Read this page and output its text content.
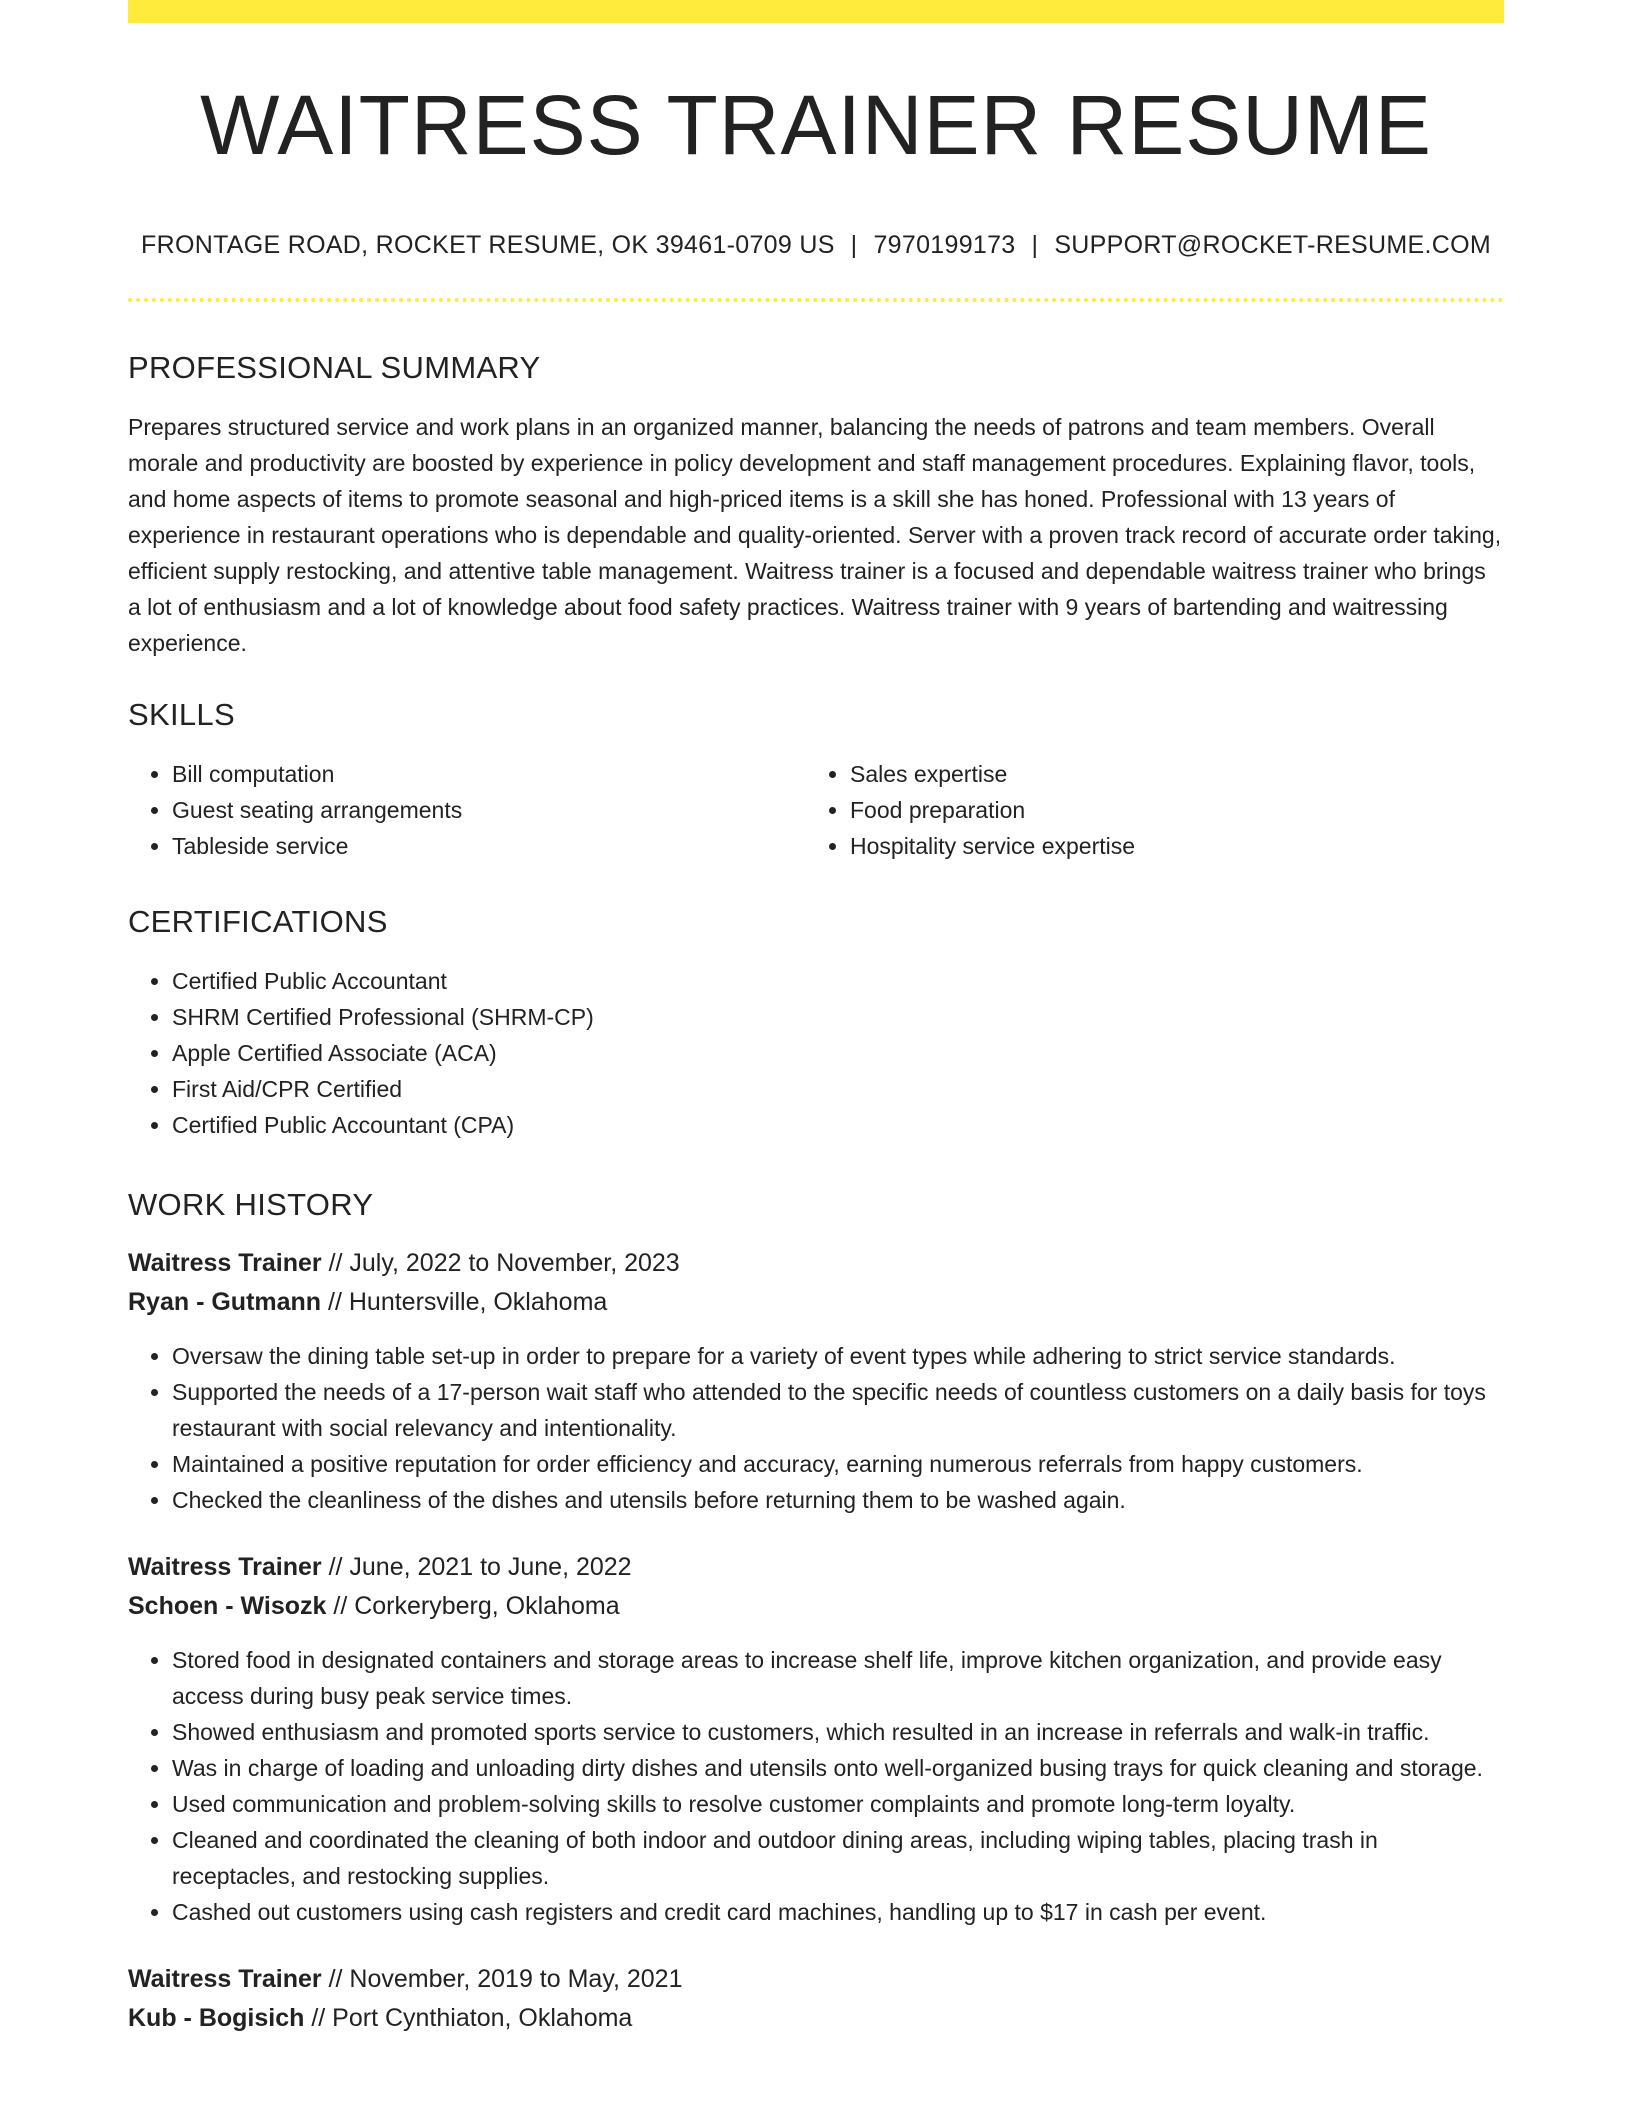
WAITRESS TRAINER RESUME
FRONTAGE ROAD, ROCKET RESUME, OK 39461-0709 US | 7970199173 | SUPPORT@ROCKET-RESUME.COM
PROFESSIONAL SUMMARY
Prepares structured service and work plans in an organized manner, balancing the needs of patrons and team members. Overall morale and productivity are boosted by experience in policy development and staff management procedures. Explaining flavor, tools, and home aspects of items to promote seasonal and high-priced items is a skill she has honed. Professional with 13 years of experience in restaurant operations who is dependable and quality-oriented. Server with a proven track record of accurate order taking, efficient supply restocking, and attentive table management. Waitress trainer is a focused and dependable waitress trainer who brings a lot of enthusiasm and a lot of knowledge about food safety practices. Waitress trainer with 9 years of bartending and waitressing experience.
SKILLS
• Bill computation
• Guest seating arrangements
• Tableside service
• Sales expertise
• Food preparation
• Hospitality service expertise
CERTIFICATIONS
• Certified Public Accountant
• SHRM Certified Professional (SHRM-CP)
• Apple Certified Associate (ACA)
• First Aid/CPR Certified
• Certified Public Accountant (CPA)
WORK HISTORY
Waitress Trainer // July, 2022 to November, 2023
Ryan - Gutmann // Huntersville, Oklahoma
• Oversaw the dining table set-up in order to prepare for a variety of event types while adhering to strict service standards.
• Supported the needs of a 17-person wait staff who attended to the specific needs of countless customers on a daily basis for toys restaurant with social relevancy and intentionality.
• Maintained a positive reputation for order efficiency and accuracy, earning numerous referrals from happy customers.
• Checked the cleanliness of the dishes and utensils before returning them to be washed again.
Waitress Trainer // June, 2021 to June, 2022
Schoen - Wisozk // Corkeryberg, Oklahoma
• Stored food in designated containers and storage areas to increase shelf life, improve kitchen organization, and provide easy access during busy peak service times.
• Showed enthusiasm and promoted sports service to customers, which resulted in an increase in referrals and walk-in traffic.
• Was in charge of loading and unloading dirty dishes and utensils onto well-organized busing trays for quick cleaning and storage.
• Used communication and problem-solving skills to resolve customer complaints and promote long-term loyalty.
• Cleaned and coordinated the cleaning of both indoor and outdoor dining areas, including wiping tables, placing trash in receptacles, and restocking supplies.
• Cashed out customers using cash registers and credit card machines, handling up to $17 in cash per event.
Waitress Trainer // November, 2019 to May, 2021
Kub - Bogisich // Port Cynthiaton, Oklahoma
